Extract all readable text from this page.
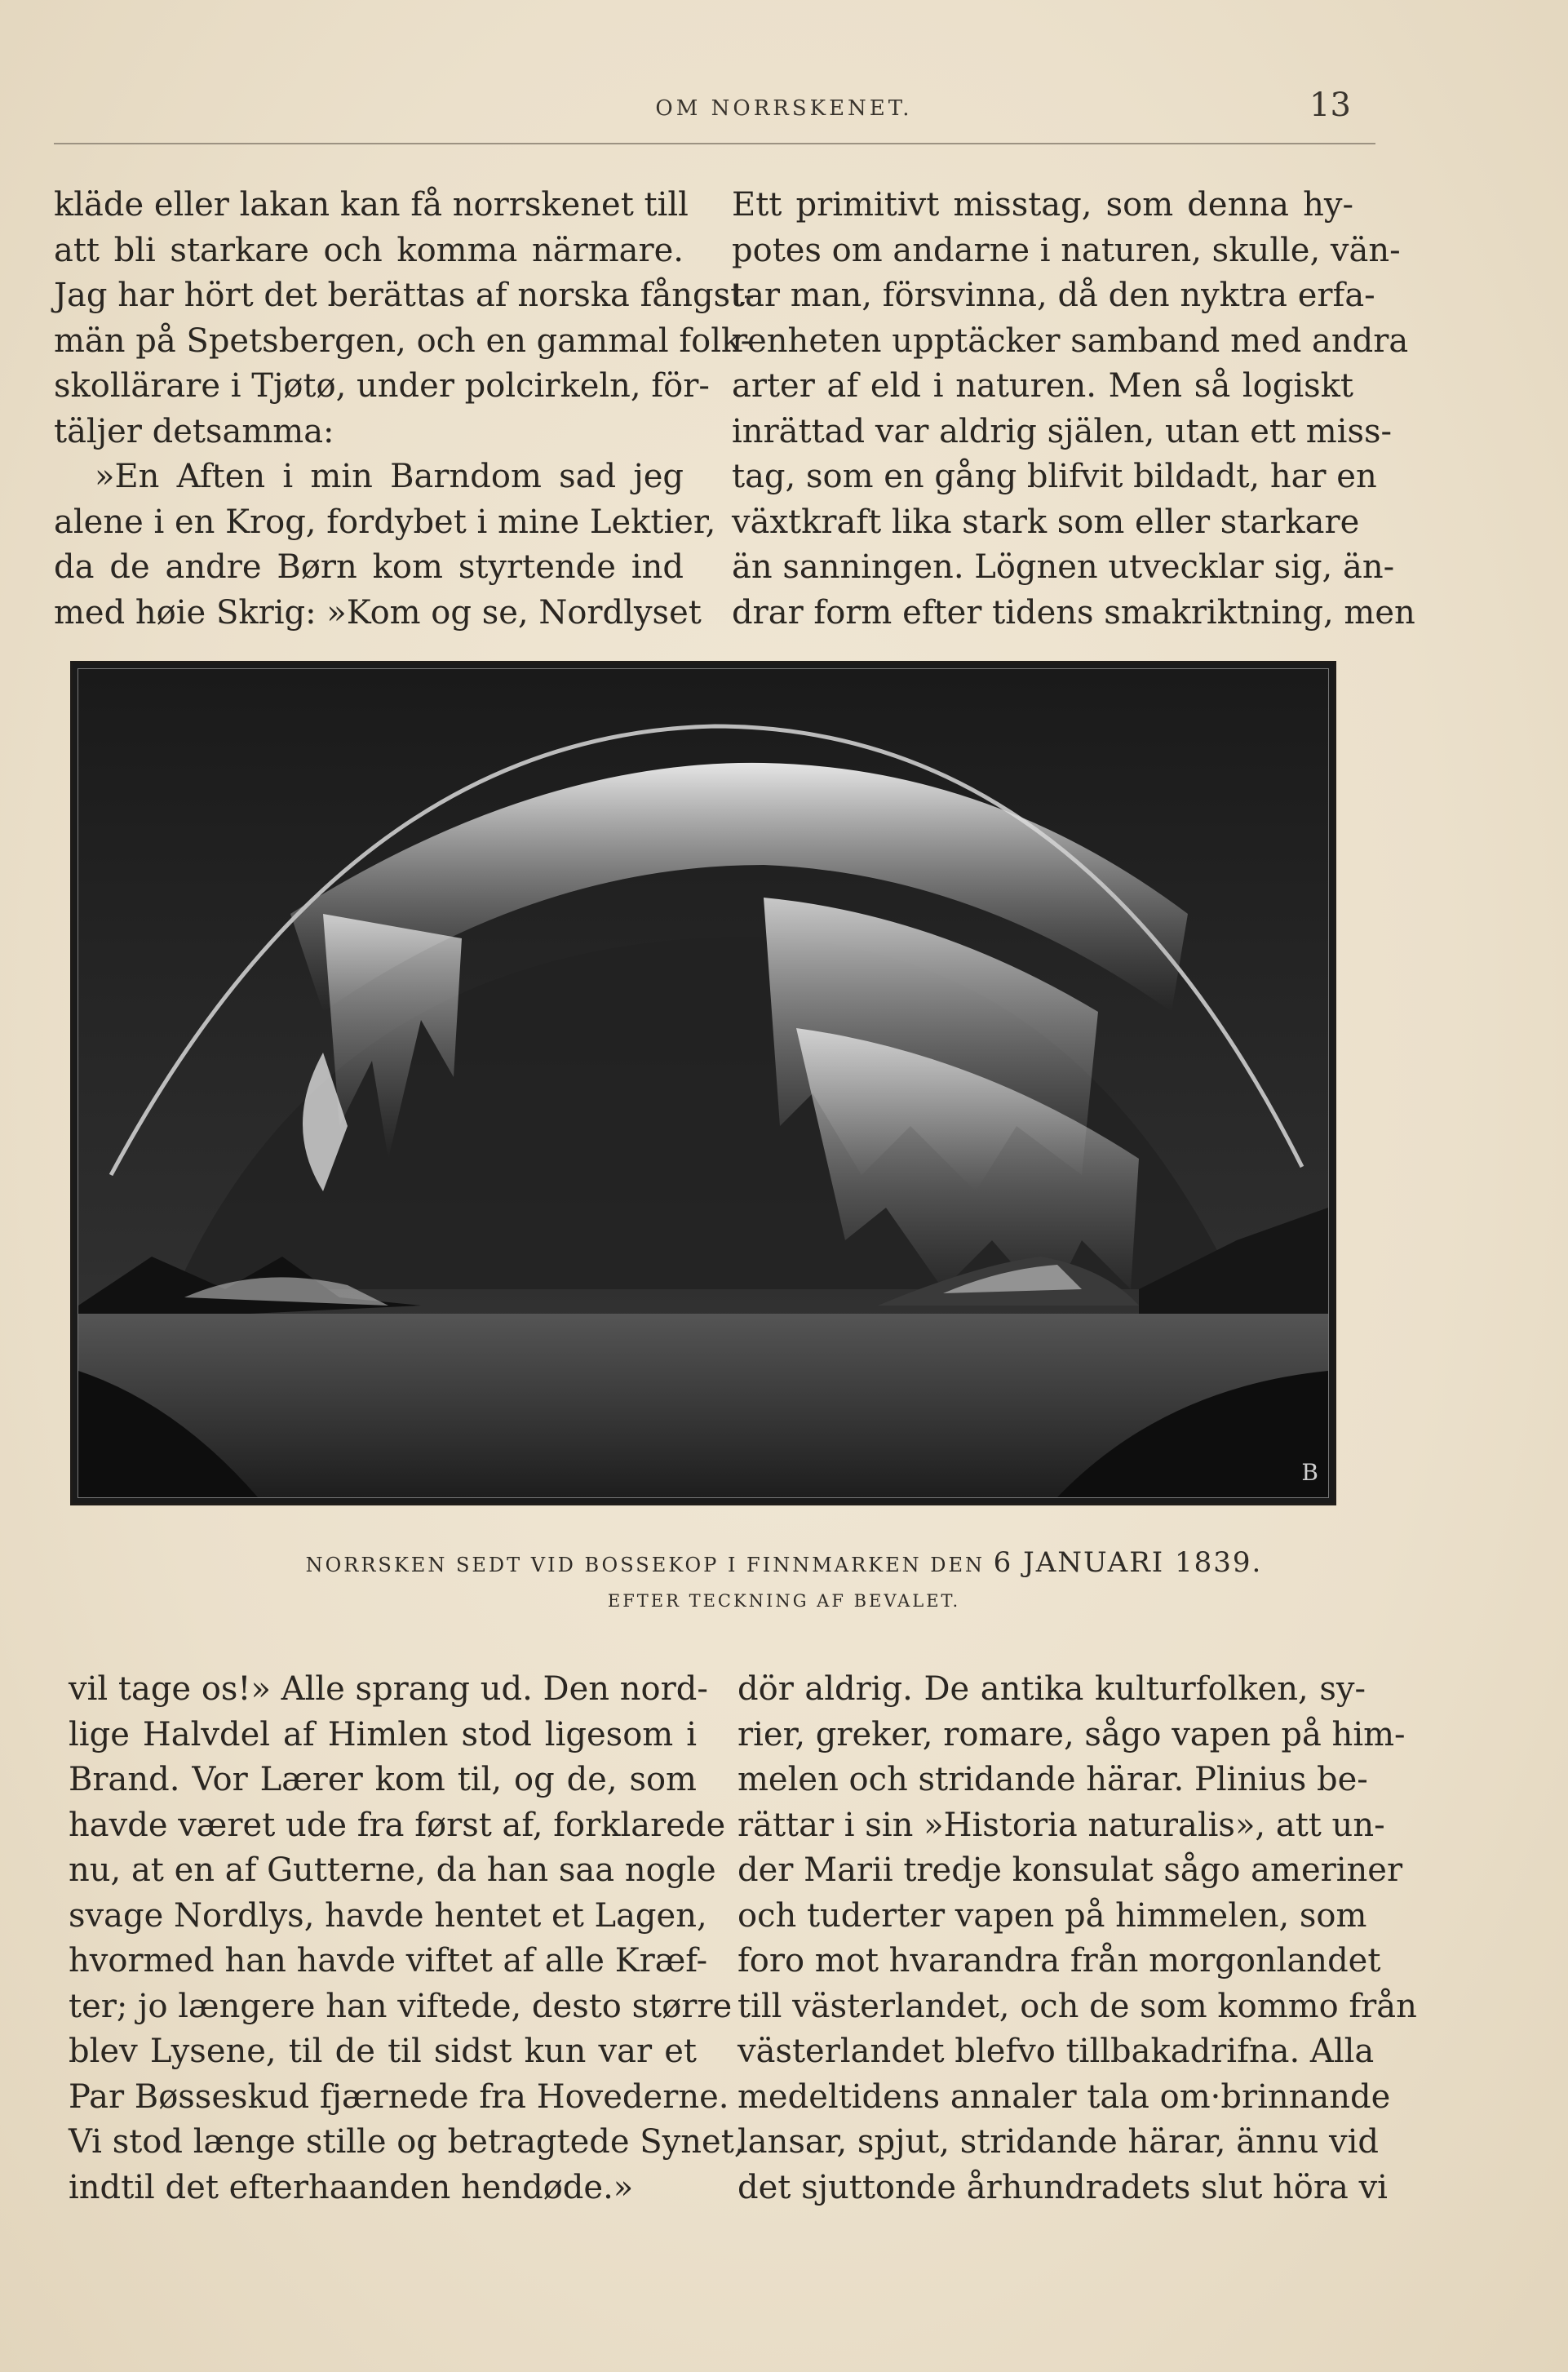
OM NORRSKENET.	13
kläde eller lakan kan få norrskenet till
att bli starkare och komma närmare.
Jag har hört det berättas af norska fångst-
män på Spetsbergen, och en gammal folk-
skollärare i Tjøtø, under polcirkeln, för-
täljer detsamma:
»En Aften i min Barndom sad jeg
alene i en Krog, fordybet i mine Lektier,
da de andre Børn kom styrtende ind
med høie Skrig: »Kom og se, Nordlyset
Ett primitivt misstag, som denna hy-
potes om andarne i naturen, skulle, vän-
tar man, försvinna, då den nyktra erfa-
renheten upptäcker samband med andra
arter af eld i naturen. Men så logiskt
inrättad var aldrig själen, utan ett miss-
tag, som en gång blifvit bildadt, har en
växtkraft lika stark som eller starkare
än sanningen. Lögnen utvecklar sig, än-
drar form efter tidens smakriktning, men
B
NORRSKEN SEDT VID BOSSEKOP I FINNMARKEN DEN 6 JANUARI 1839.
EFTER TECKNING AF BEVALET.
vil tage os!» Alle sprang ud. Den nord-
lige Halvdel af Himlen stod ligesom i
Brand. Vor Lærer kom til, og de, som
havde været ude fra først af, forklarede
nu, at en af Gutterne, da han saa nogle
svage Nordlys, havde hentet et Lagen,
hvormed han havde viftet af alle Kræf-
ter; jo længere han viftede, desto større
blev Lysene, til de til sidst kun var et
Par Bøsseskud fjærnede fra Hovederne.
Vi stod længe stille og betragtede Synet,
indtil det efterhaanden hendøde.»
dör aldrig. De antika kulturfolken, sy-
rier, greker, romare, sågo vapen på him-
melen och stridande härar. Plinius be-
rättar i sin »Historia naturalis», att un-
der Marii tredje konsulat sågo ameriner
och tuderter vapen på himmelen, som
foro mot hvarandra från morgonlandet
till västerlandet, och de som kommo från
västerlandet blefvo tillbakadrifna. Alla
medeltidens annaler tala om·brinnande
lansar, spjut, stridande härar, ännu vid
det sjuttonde århundradets slut höra vi
